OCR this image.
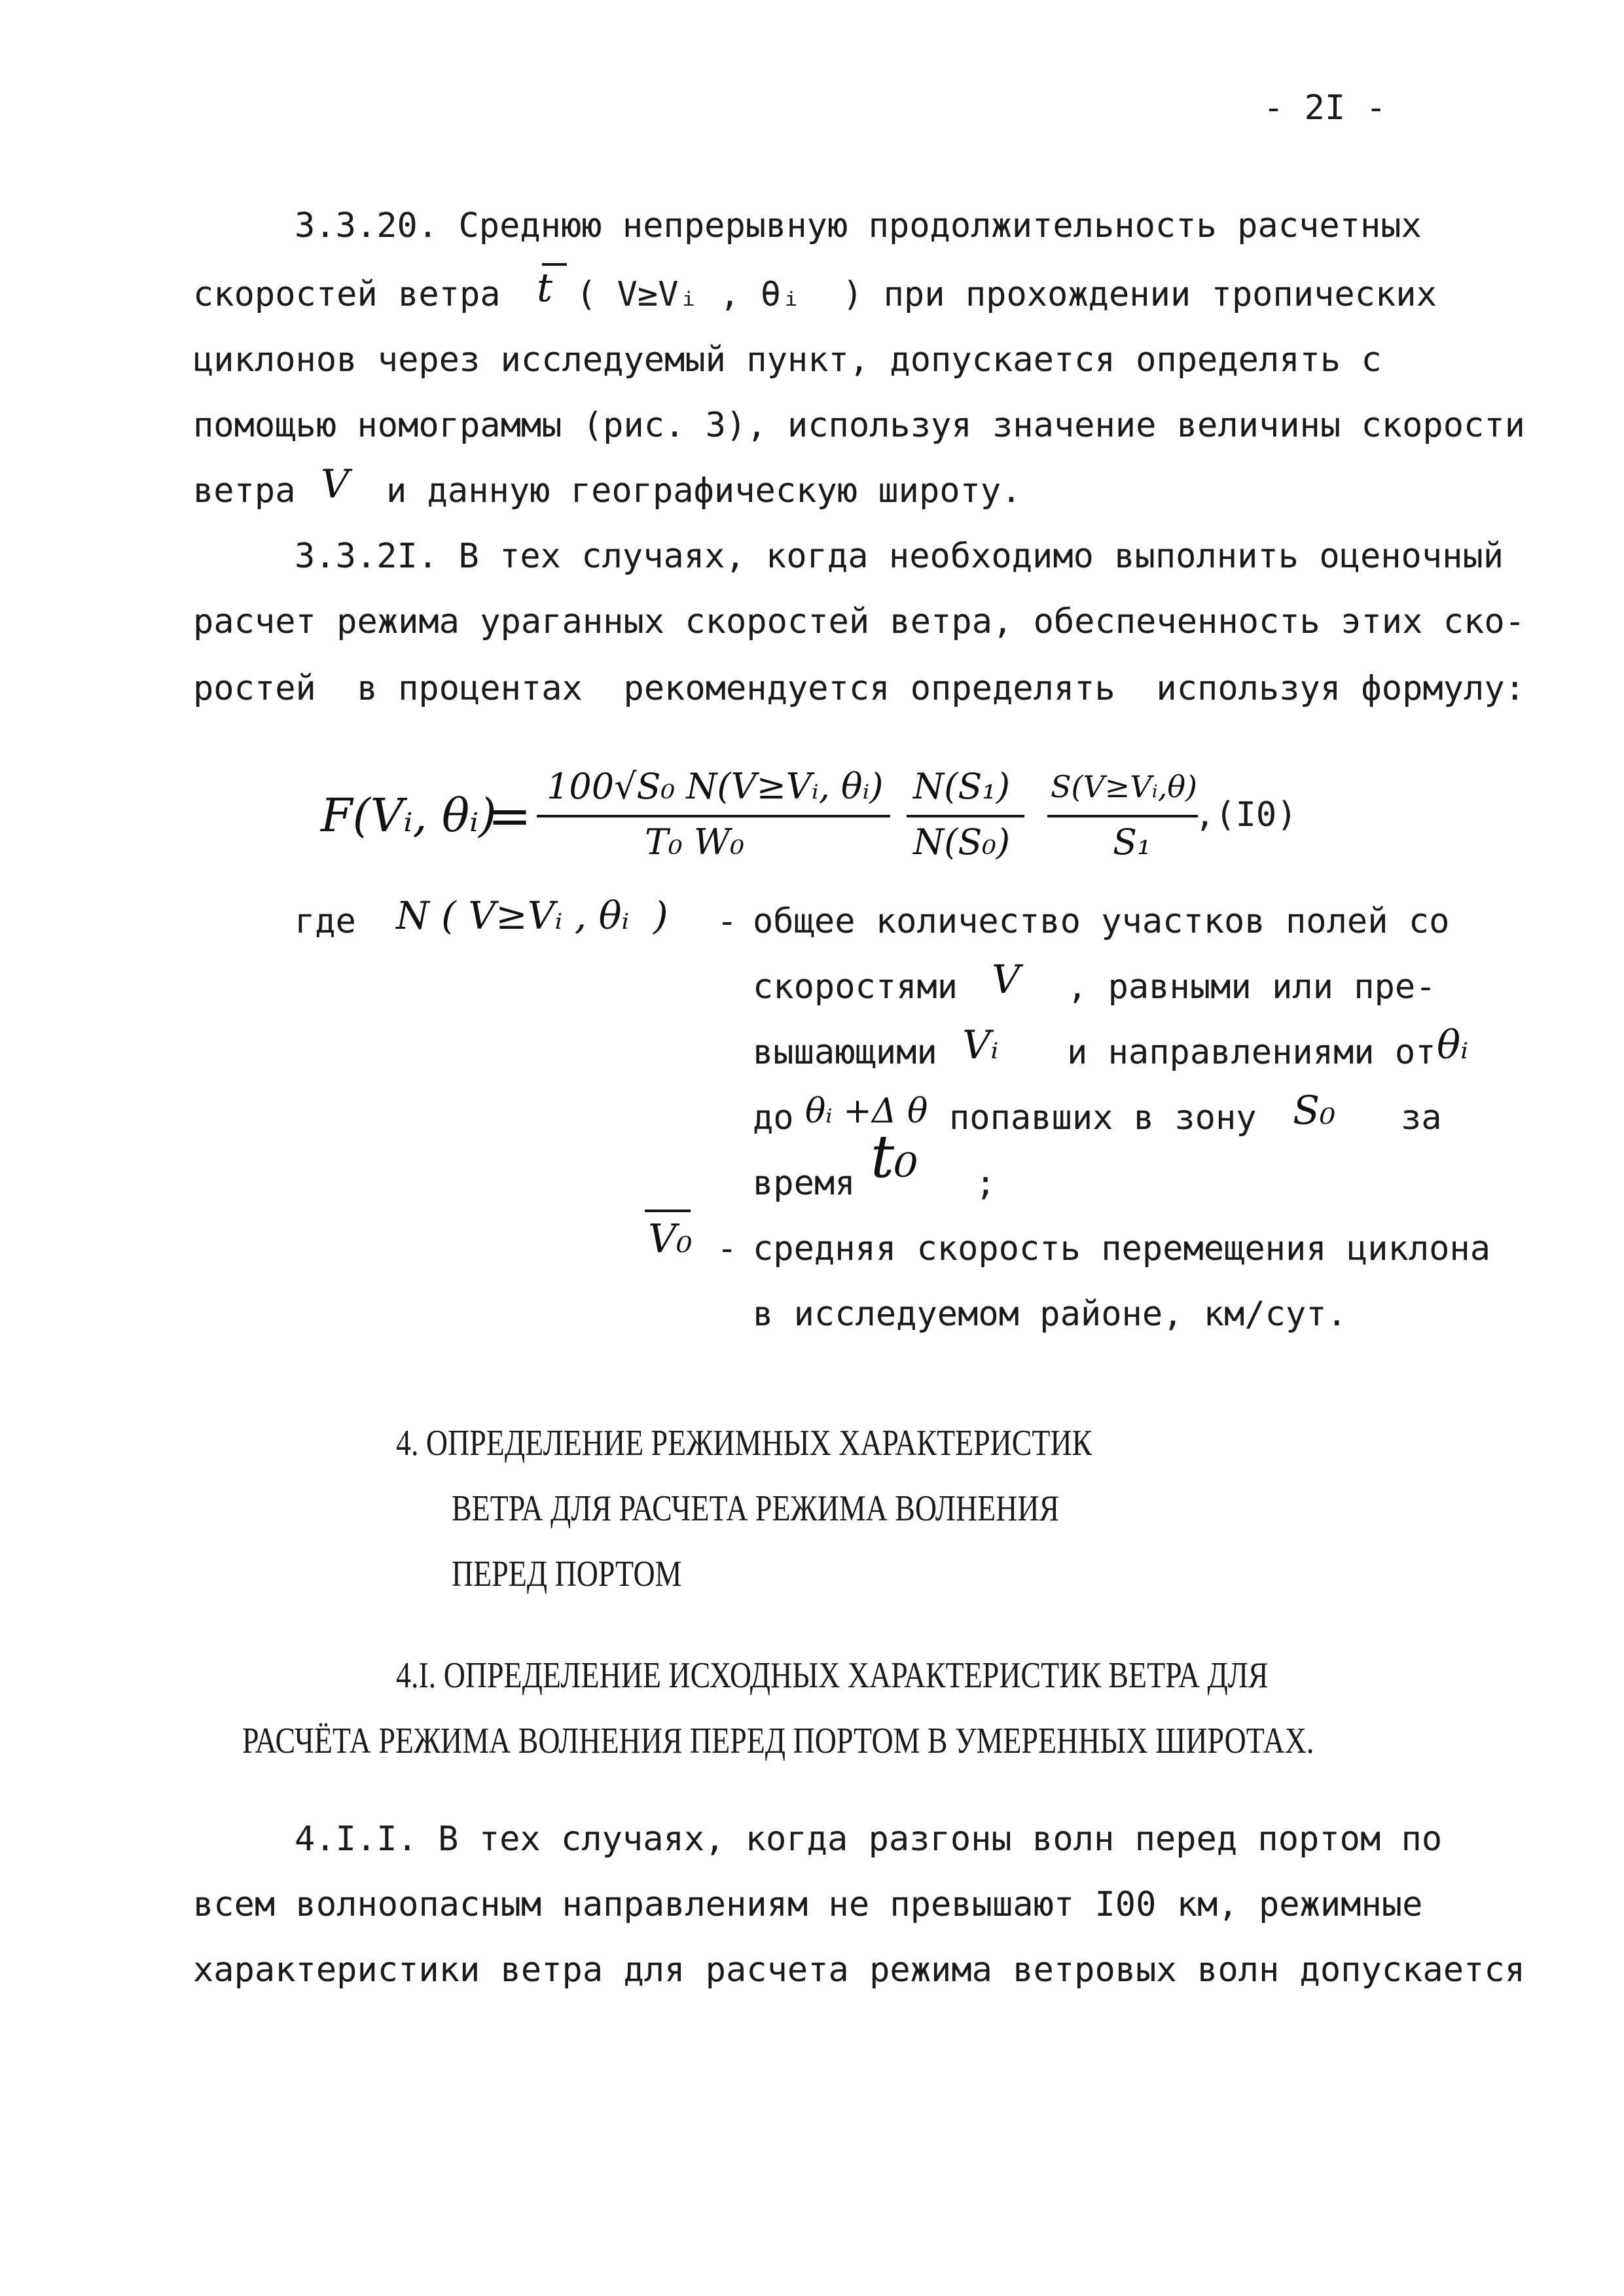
- 2I -
3.3.20. Среднюю непрерывную продолжительность расчетных
скоростей ветра t ( V≥Vᵢ , θᵢ  ) при прохождении тропических
циклонов через исследуемый пункт, допускается определять с
помощью номограммы (рис. 3), используя значение величины скорости
ветра V и данную географическую широту.
3.3.2I. В тех случаях, когда необходимо выполнить оценочный
расчет режима ураганных скоростей ветра, обеспеченность этих ско-
ростей  в процентах  рекомендуется определять  используя формулу:
F(Vᵢ, θᵢ)
= 100√S₀ N(V≥Vᵢ, θᵢ)
T₀ W₀
N(S₁)
N(S₀)
S(V≥Vᵢ,θ)
S₁
,(I0)
где N ( V≥Vᵢ , θᵢ  ) - общее количество участков полей со
скоростями V , равными или пре-
вышающими Vᵢ и направлениями от θᵢ
до θᵢ +Δ θ попавших в зону S₀ за
время t₀ ;
V₀ - средняя скорость перемещения циклона
в исследуемом районе, км/сут.
4. ОПРЕДЕЛЕНИЕ РЕЖИМНЫХ ХАРАКТЕРИСТИК
ВЕТРА ДЛЯ РАСЧЕТА РЕЖИМА ВОЛНЕНИЯ
ПЕРЕД ПОРТОМ
4.I. ОПРЕДЕЛЕНИЕ ИСХОДНЫХ ХАРАКТЕРИСТИК ВЕТРА ДЛЯ
РАСЧЁТА РЕЖИМА ВОЛНЕНИЯ ПЕРЕД ПОРТОМ В УМЕРЕННЫХ ШИРОТАХ.
4.I.I. В тех случаях, когда разгоны волн перед портом по
всем волноопасным направлениям не превышают I00 км, режимные
характеристики ветра для расчета режима ветровых волн допускается
